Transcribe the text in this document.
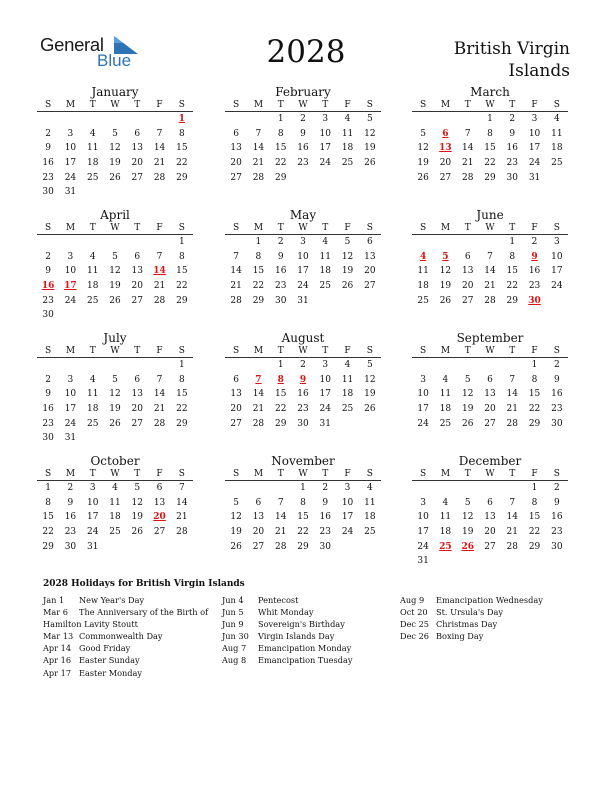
General
Blue	2028	British Virgin
Islands
January
S	M	T	W	T	F	S
						1
2	3	4	5	6	7	8
9	10	11	12	13	14	15
16	17	18	19	20	21	22
23	24	25	26	27	28	29
30	31					
February
S	M	T	W	T	F	S
		1	2	3	4	5
6	7	8	9	10	11	12
13	14	15	16	17	18	19
20	21	22	23	24	25	26
27	28	29				
March
S	M	T	W	T	F	S
			1	2	3	4
5	6	7	8	9	10	11
12	13	14	15	16	17	18
19	20	21	22	23	24	25
26	27	28	29	30	31	
April
S	M	T	W	T	F	S
						1
2	3	4	5	6	7	8
9	10	11	12	13	14	15
16	17	18	19	20	21	22
23	24	25	26	27	28	29
30						
May
S	M	T	W	T	F	S
	1	2	3	4	5	6
7	8	9	10	11	12	13
14	15	16	17	18	19	20
21	22	23	24	25	26	27
28	29	30	31			
June
S	M	T	W	T	F	S
				1	2	3
4	5	6	7	8	9	10
11	12	13	14	15	16	17
18	19	20	21	22	23	24
25	26	27	28	29	30	
July
S	M	T	W	T	F	S
						1
2	3	4	5	6	7	8
9	10	11	12	13	14	15
16	17	18	19	20	21	22
23	24	25	26	27	28	29
30	31					
August
S	M	T	W	T	F	S
		1	2	3	4	5
6	7	8	9	10	11	12
13	14	15	16	17	18	19
20	21	22	23	24	25	26
27	28	29	30	31		
September
S	M	T	W	T	F	S
					1	2
3	4	5	6	7	8	9
10	11	12	13	14	15	16
17	18	19	20	21	22	23
24	25	26	27	28	29	30
October
S	M	T	W	T	F	S
1	2	3	4	5	6	7
8	9	10	11	12	13	14
15	16	17	18	19	20	21
22	23	24	25	26	27	28
29	30	31				
November
S	M	T	W	T	F	S
			1	2	3	4
5	6	7	8	9	10	11
12	13	14	15	16	17	18
19	20	21	22	23	24	25
26	27	28	29	30		
December
S	M	T	W	T	F	S
					1	2
3	4	5	6	7	8	9
10	11	12	13	14	15	16
17	18	19	20	21	22	23
24	25	26	27	28	29	30
31						
2028 Holidays for British Virgin Islands
Jan 1 New Year's Day
Mar 6 The Anniversary of the Birth of
Hamilton Lavity Stoutt
Mar 13 Commonwealth Day
Apr 14 Good Friday
Apr 16 Easter Sunday
Apr 17 Easter Monday
Jun 4 Pentecost
Jun 5 Whit Monday
Jun 9 Sovereign's Birthday
Jun 30 Virgin Islands Day
Aug 7 Emancipation Monday
Aug 8 Emancipation Tuesday
Aug 9 Emancipation Wednesday
Oct 20 St. Ursula's Day
Dec 25 Christmas Day
Dec 26 Boxing Day
